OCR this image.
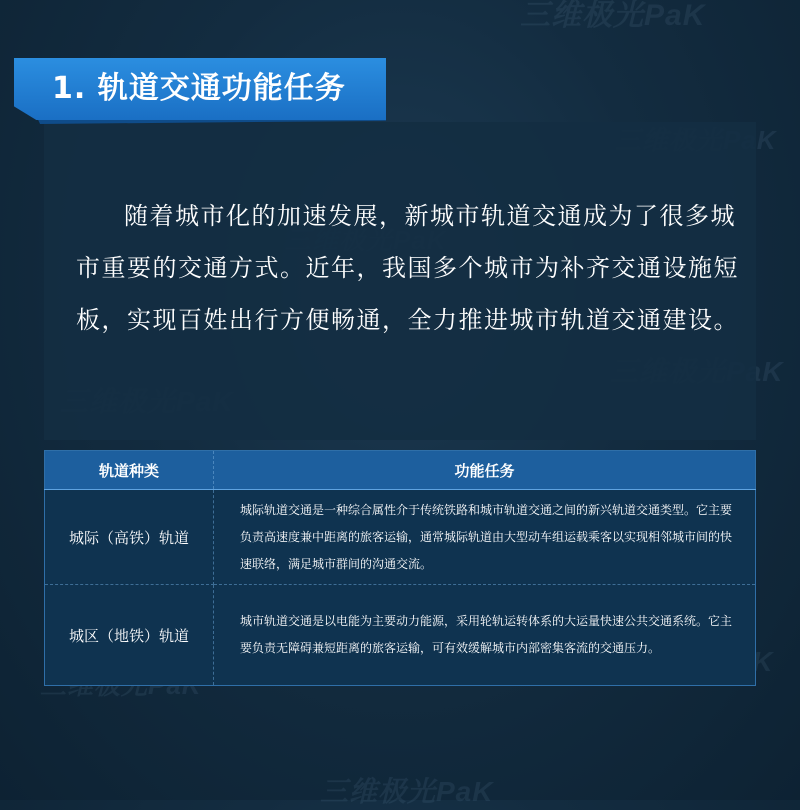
三维极光PaK
三维极光PaK
1. 轨道交通功能任务

随着城市化的加速发展，新城市轨道交通成为了很多城市重要的交通方式。近年，我国多个城市为补齐交通设施短板，实现百姓出行方便畅通，全力推进城市轨道交通建设。

轨道种类	功能任务
城际（高铁）轨道	城际轨道交通是一种综合属性介于传统铁路和城市轨道交通之间的新兴轨道交通类型。它主要负责高速度兼中距离的旅客运输，通常城际轨道由大型动车组运载乘客以实现相邻城市间的快速联络，满足城市群间的沟通交流。
城区（地铁）轨道	城市轨道交通是以电能为主要动力能源，采用轮轨运转体系的大运量快速公共交通系统。它主要负责无障碍兼短距离的旅客运输，可有效缓解城市内部密集客流的交通压力。
